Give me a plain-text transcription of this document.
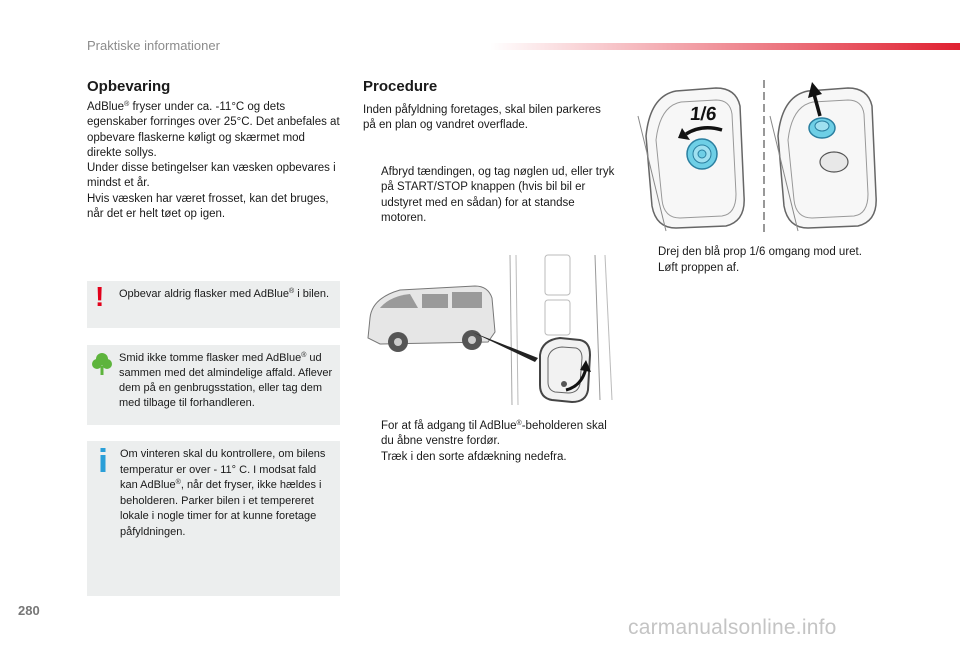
Praktiske informationer
Opbevaring

AdBlue® fryser under ca. -11°C og dets egenskaber forringes over 25°C. Det anbefales at opbevare flaskerne køligt og skærmet mod direkte sollys.

Under disse betingelser kan væsken opbevares i mindst et år.

Hvis væsken har været frosset, kan det bruges, når det er helt tøet op igen.

! Opbevar aldrig flasker med AdBlue® i bilen.
Smid ikke tomme flasker med AdBlue® ud sammen med det almindelige affald. Aflever dem på en genbrugsstation, eller tag dem med tilbage til forhandleren.
Om vinteren skal du kontrollere, om bilens temperatur er over - 11° C. I modsat fald kan AdBlue®, når det fryser, ikke hældes i beholderen. Parker bilen i et tempereret lokale i nogle timer for at kunne foretage påfyldningen.
Procedure
Inden påfyldning foretages, skal bilen parkeres på en plan og vandret overflade.
Afbryd tændingen, og tag nøglen ud, eller tryk på START/STOP knappen (hvis bil bil er udstyret med en sådan) for at standse motoren.
For at få adgang til AdBlue®-beholderen skal du åbne venstre fordør.
Træk i den sorte afdækning nedefra.
1/6
Drej den blå prop 1/6 omgang mod uret.
Løft proppen af.
280
carmanualsonline.info
